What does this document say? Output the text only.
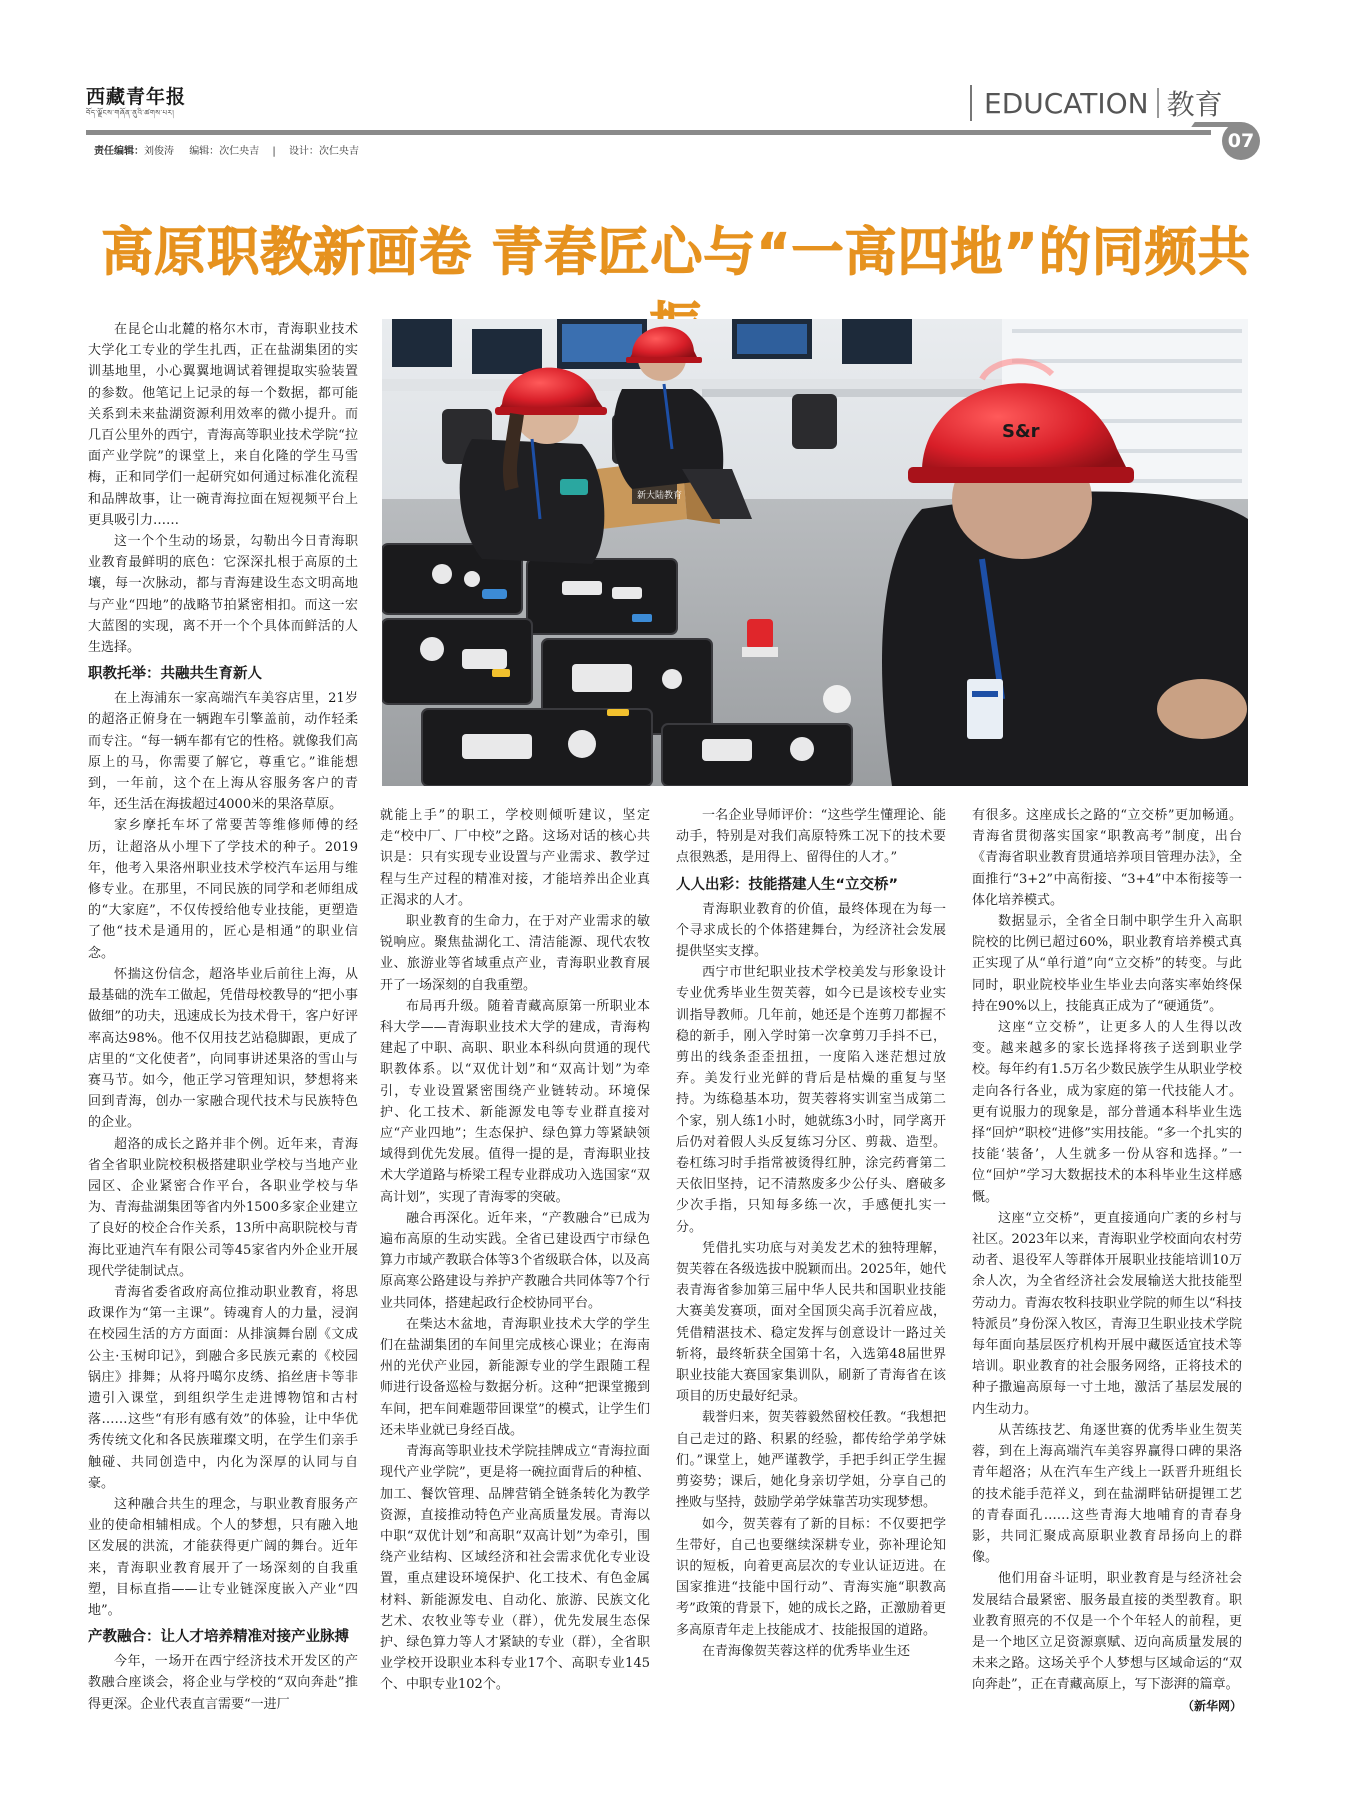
西藏青年报
བོད་ལྗོངས་གཞོན་ནུའི་ཚགས་པར།
责任编辑：刘俊涛 编辑：次仁央吉 | 设计：次仁央吉
EDUCATION 教育
07
高原职教新画卷 青春匠心与“一高四地”的同频共
新大陆教育
S&r

在昆仑山北麓的格尔木市，青海职业技术大学化工专业的学生扎西，正在盐湖集团的实训基地里，小心翼翼地调试着锂提取实验装置的参数。他笔记上记录的每一个数据，都可能关系到未来盐湖资源利用效率的微小提升。而几百公里外的西宁，青海高等职业技术学院“拉面产业学院”的课堂上，来自化隆的学生马雪梅，正和同学们一起研究如何通过标准化流程和品牌故事，让一碗青海拉面在短视频平台上更具吸引力……

这一个个生动的场景，勾勒出今日青海职业教育最鲜明的底色：它深深扎根于高原的土壤，每一次脉动，都与青海建设生态文明高地与产业“四地”的战略节拍紧密相扣。而这一宏大蓝图的实现，离不开一个个具体而鲜活的人生选择。

职教托举：共融共生育新人

在上海浦东一家高端汽车美容店里，21岁的超洛正俯身在一辆跑车引擎盖前，动作轻柔而专注。“每一辆车都有它的性格。就像我们高原上的马，你需要了解它，尊重它。”谁能想到，一年前，这个在上海从容服务客户的青年，还生活在海拔超过4000米的果洛草原。

家乡摩托车坏了常要苦等维修师傅的经历，让超洛从小埋下了学技术的种子。2019年，他考入果洛州职业技术学校汽车运用与维修专业。在那里，不同民族的同学和老师组成的“大家庭”，不仅传授给他专业技能，更塑造了他“技术是通用的，匠心是相通”的职业信念。

怀揣这份信念，超洛毕业后前往上海，从最基础的洗车工做起，凭借母校教导的“把小事做细”的功夫，迅速成长为技术骨干，客户好评率高达98%。他不仅用技艺站稳脚跟，更成了店里的“文化使者”，向同事讲述果洛的雪山与赛马节。如今，他正学习管理知识，梦想将来回到青海，创办一家融合现代技术与民族特色的企业。

超洛的成长之路并非个例。近年来，青海省全省职业院校积极搭建职业学校与当地产业园区、企业紧密合作平台，各职业学校与华为、青海盐湖集团等省内外1500多家企业建立了良好的校企合作关系，13所中高职院校与青海比亚迪汽车有限公司等45家省内外企业开展现代学徒制试点。

青海省委省政府高位推动职业教育，将思政课作为“第一主课”。铸魂育人的力量，浸润在校园生活的方方面面：从排演舞台剧《文成公主·玉树印记》，到融合多民族元素的《校园锅庄》排舞；从将丹噶尔皮绣、掐丝唐卡等非遗引入课堂，到组织学生走进博物馆和古村落……这些“有形有感有效”的体验，让中华优秀传统文化和各民族璀璨文明，在学生们亲手触碰、共同创造中，内化为深厚的认同与自豪。

这种融合共生的理念，与职业教育服务产业的使命相辅相成。个人的梦想，只有融入地区发展的洪流，才能获得更广阔的舞台。近年来，青海职业教育展开了一场深刻的自我重塑，目标直指——让专业链深度嵌入产业“四地”。

产教融合：让人才培养精准对接产业脉搏

今年，一场开在西宁经济技术开发区的产教融合座谈会，将企业与学校的“双向奔赴”推得更深。企业代表直言需要“一进厂

就能上手”的职工，学校则倾听建议，坚定走“校中厂、厂中校”之路。这场对话的核心共识是：只有实现专业设置与产业需求、教学过程与生产过程的精准对接，才能培养出企业真正渴求的人才。

职业教育的生命力，在于对产业需求的敏锐响应。聚焦盐湖化工、清洁能源、现代农牧业、旅游业等省域重点产业，青海职业教育展开了一场深刻的自我重塑。

布局再升级。随着青藏高原第一所职业本科大学——青海职业技术大学的建成，青海构建起了中职、高职、职业本科纵向贯通的现代职教体系。以“双优计划”和“双高计划”为牵引，专业设置紧密围绕产业链转动。环境保护、化工技术、新能源发电等专业群直接对应“产业四地”；生态保护、绿色算力等紧缺领域得到优先发展。值得一提的是，青海职业技术大学道路与桥梁工程专业群成功入选国家“双高计划”，实现了青海零的突破。

融合再深化。近年来，“产教融合”已成为遍布高原的生动实践。全省已建设西宁市绿色算力市域产教联合体等3个省级联合体，以及高原高寒公路建设与养护产教融合共同体等7个行业共同体，搭建起政行企校协同平台。

在柴达木盆地，青海职业技术大学的学生们在盐湖集团的车间里完成核心课业；在海南州的光伏产业园，新能源专业的学生跟随工程师进行设备巡检与数据分析。这种“把课堂搬到车间，把车间难题带回课堂”的模式，让学生们还未毕业就已身经百战。

青海高等职业技术学院挂牌成立“青海拉面现代产业学院”，更是将一碗拉面背后的种植、加工、餐饮管理、品牌营销全链条转化为教学资源，直接推动特色产业高质量发展。青海以中职“双优计划”和高职“双高计划”为牵引，围绕产业结构、区域经济和社会需求优化专业设置，重点建设环境保护、化工技术、有色金属材料、新能源发电、自动化、旅游、民族文化艺术、农牧业等专业（群），优先发展生态保护、绿色算力等人才紧缺的专业（群），全省职业学校开设职业本科专业17个、高职专业145个、中职专业102个。

一名企业导师评价：“这些学生懂理论、能动手，特别是对我们高原特殊工况下的技术要点很熟悉，是用得上、留得住的人才。”

人人出彩：技能搭建人生“立交桥”

青海职业教育的价值，最终体现在为每一个寻求成长的个体搭建舞台，为经济社会发展提供坚实支撑。

西宁市世纪职业技术学校美发与形象设计专业优秀毕业生贺芙蓉，如今已是该校专业实训指导教师。几年前，她还是个连剪刀都握不稳的新手，刚入学时第一次拿剪刀手抖不已，剪出的线条歪歪扭扭，一度陷入迷茫想过放弃。美发行业光鲜的背后是枯燥的重复与坚持。为练稳基本功，贺芙蓉将实训室当成第二个家，别人练1小时，她就练3小时，同学离开后仍对着假人头反复练习分区、剪裁、造型。卷杠练习时手指常被烫得红肿，涂完药膏第二天依旧坚持，记不清熬废多少公仔头、磨破多少次手指，只知每多练一次，手感便扎实一分。

凭借扎实功底与对美发艺术的独特理解，贺芙蓉在各级选拔中脱颖而出。2025年，她代表青海省参加第三届中华人民共和国职业技能大赛美发赛项，面对全国顶尖高手沉着应战，凭借精湛技术、稳定发挥与创意设计一路过关斩将，最终斩获全国第十名，入选第48届世界职业技能大赛国家集训队，刷新了青海省在该项目的历史最好纪录。

载誉归来，贺芙蓉毅然留校任教。“我想把自己走过的路、积累的经验，都传给学弟学妹们。”课堂上，她严谨教学，手把手纠正学生握剪姿势；课后，她化身亲切学姐，分享自己的挫败与坚持，鼓励学弟学妹靠苦功实现梦想。

如今，贺芙蓉有了新的目标：不仅要把学生带好，自己也要继续深耕专业，弥补理论知识的短板，向着更高层次的专业认证迈进。在国家推进“技能中国行动”、青海实施“职教高考”政策的背景下，她的成长之路，正激励着更多高原青年走上技能成才、技能报国的道路。

在青海像贺芙蓉这样的优秀毕业生还

有很多。这座成长之路的“立交桥”更加畅通。青海省贯彻落实国家“职教高考”制度，出台《青海省职业教育贯通培养项目管理办法》，全面推行“3+2”中高衔接、“3+4”中本衔接等一体化培养模式。

数据显示，全省全日制中职学生升入高职院校的比例已超过60%，职业教育培养模式真正实现了从“单行道”向“立交桥”的转变。与此同时，职业院校毕业生毕业去向落实率始终保持在90%以上，技能真正成为了“硬通货”。

这座“立交桥”，让更多人的人生得以改变。越来越多的家长选择将孩子送到职业学校。每年约有1.5万名少数民族学生从职业学校走向各行各业，成为家庭的第一代技能人才。更有说服力的现象是，部分普通本科毕业生选择“回炉”职校“进修”实用技能。“多一个扎实的技能‘装备’，人生就多一份从容和选择。”一位“回炉”学习大数据技术的本科毕业生这样感慨。

这座“立交桥”，更直接通向广袤的乡村与社区。2023年以来，青海职业学校面向农村劳动者、退役军人等群体开展职业技能培训10万余人次，为全省经济社会发展输送大批技能型劳动力。青海农牧科技职业学院的师生以“科技特派员”身份深入牧区，青海卫生职业技术学院每年面向基层医疗机构开展中藏医适宜技术等培训。职业教育的社会服务网络，正将技术的种子撒遍高原每一寸土地，激活了基层发展的内生动力。

从苦练技艺、角逐世赛的优秀毕业生贺芙蓉，到在上海高端汽车美容界赢得口碑的果洛青年超洛；从在汽车生产线上一跃晋升班组长的技术能手范祥义，到在盐湖畔钻研提锂工艺的青春面孔……这些青海大地哺育的青春身影，共同汇聚成高原职业教育昂扬向上的群像。

他们用奋斗证明，职业教育是与经济社会发展结合最紧密、服务最直接的类型教育。职业教育照亮的不仅是一个个年轻人的前程，更是一个地区立足资源禀赋、迈向高质量发展的未来之路。这场关乎个人梦想与区域命运的“双向奔赴”，正在青藏高原上，写下澎湃的篇章。

（新华网）
